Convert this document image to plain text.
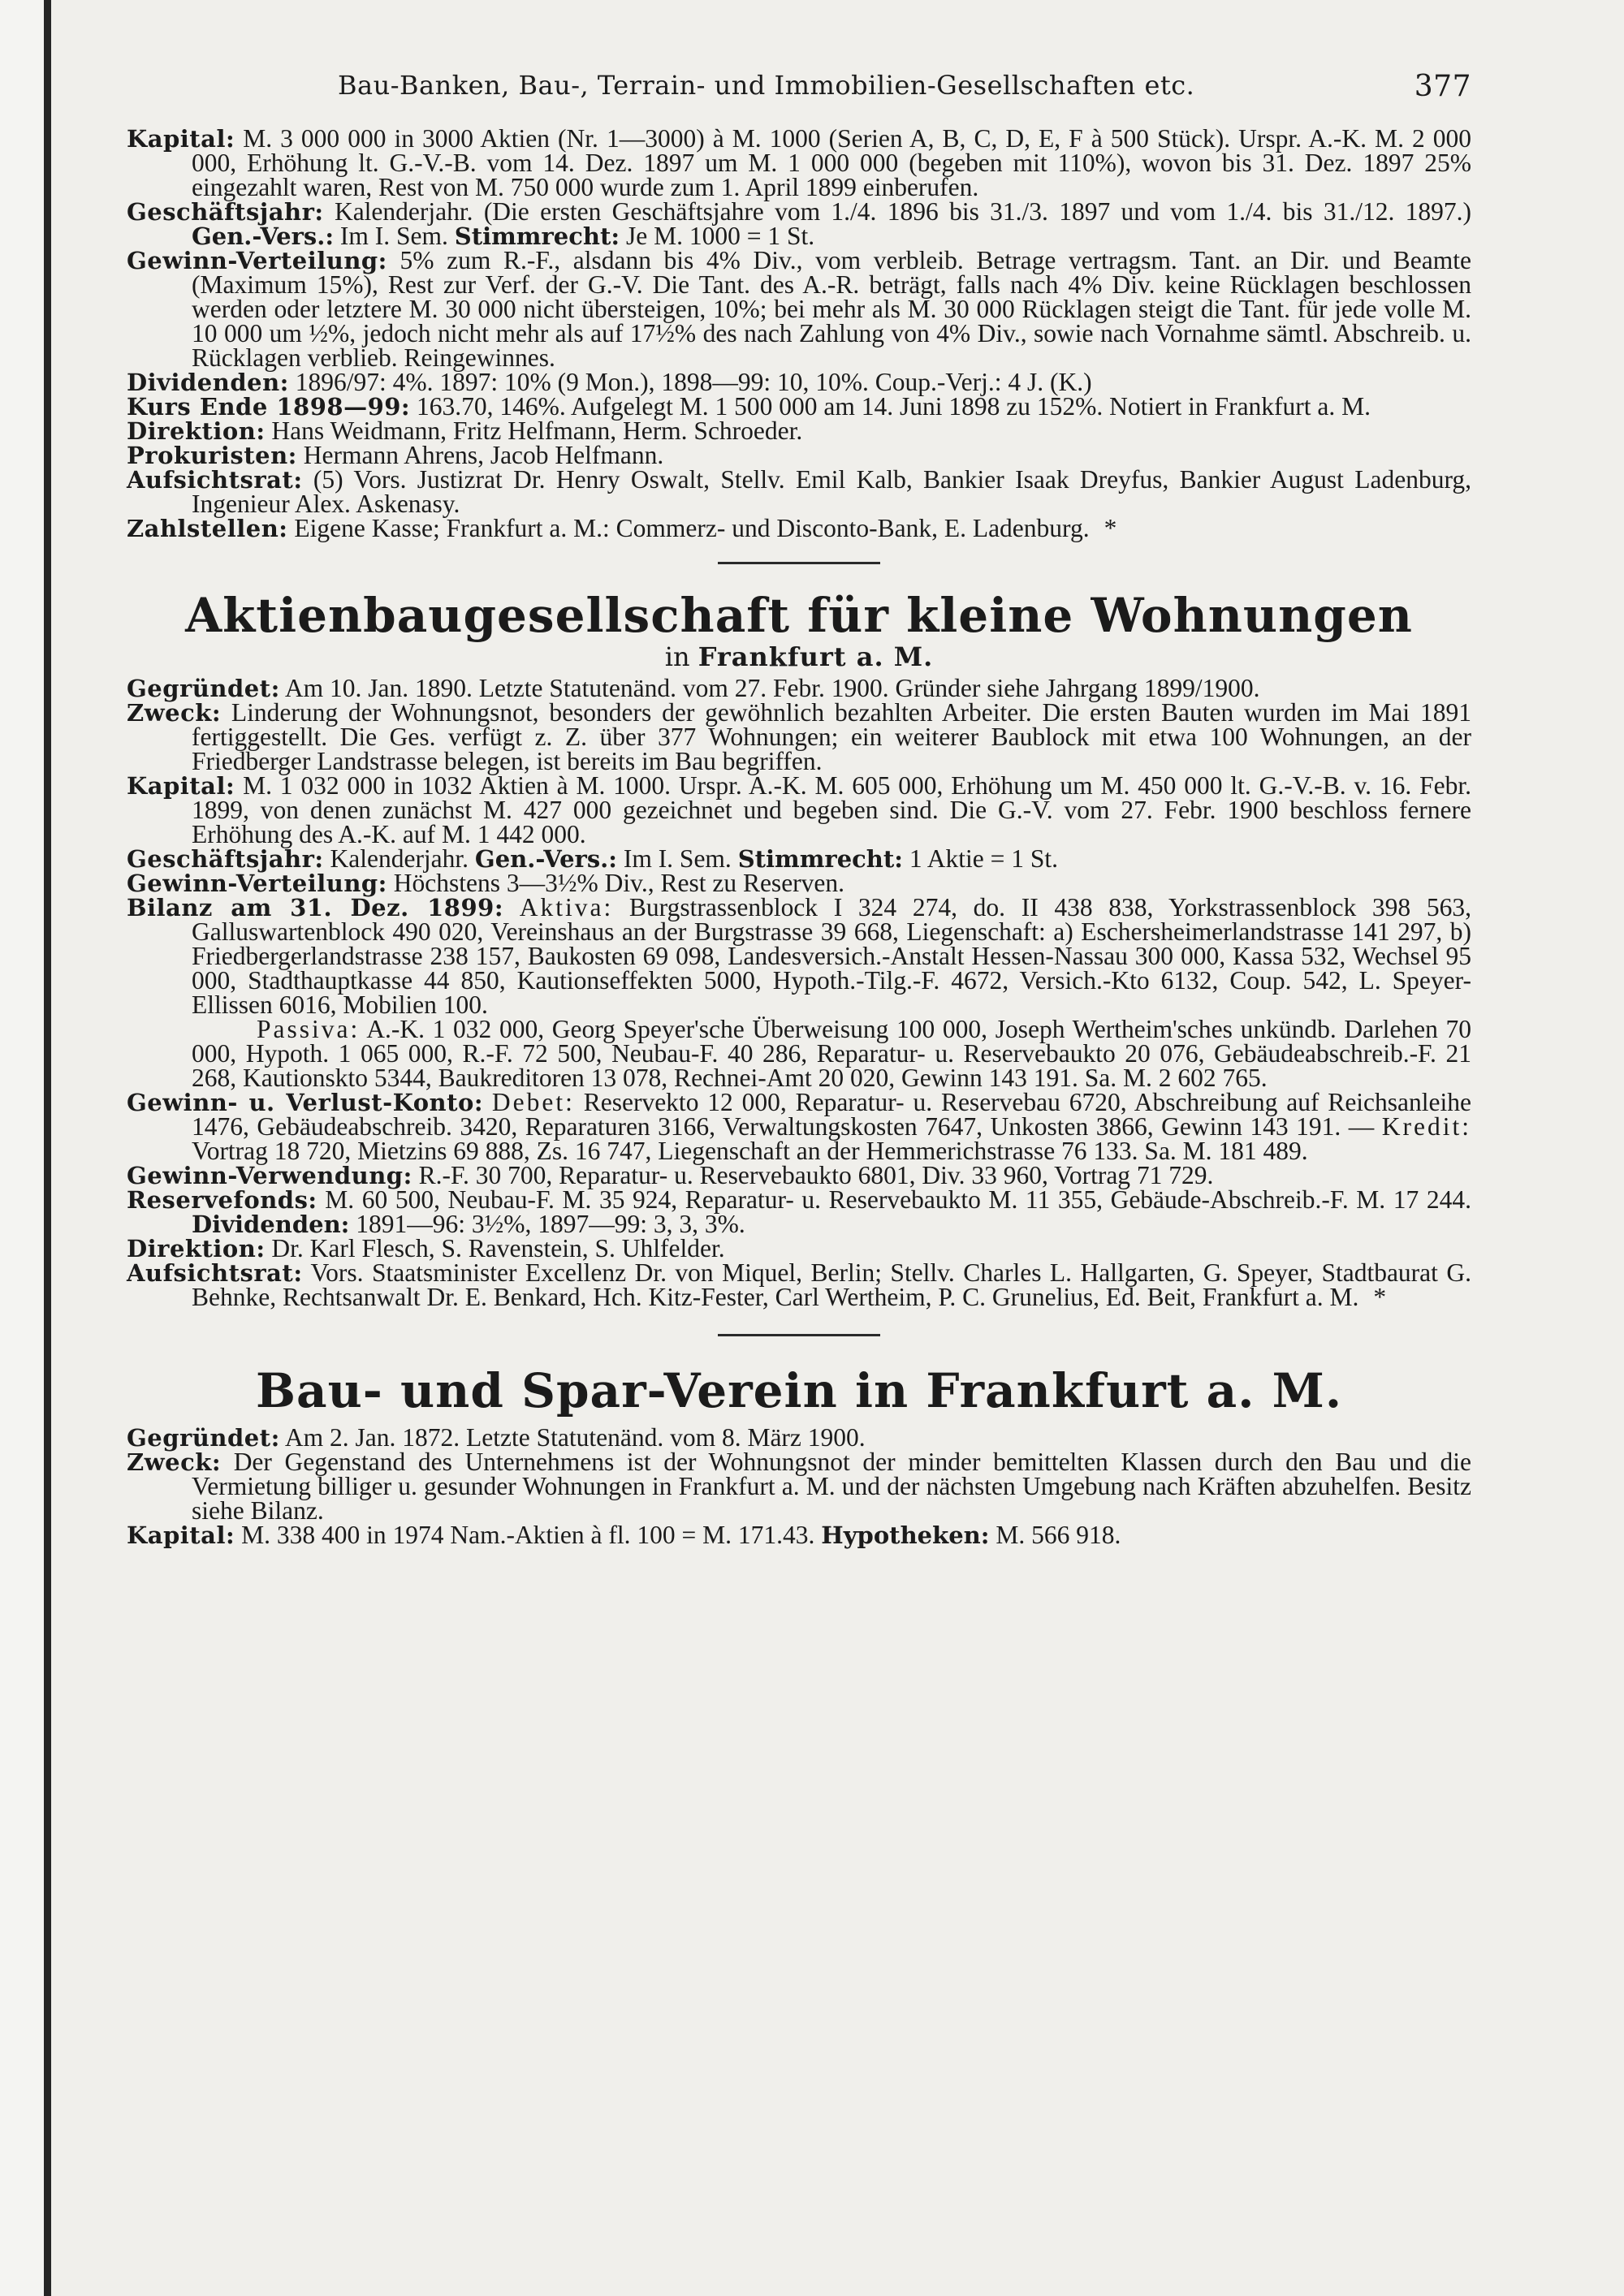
Bau-Banken, Bau-, Terrain- und Immobilien-Gesellschaften etc.	377

Kapital: M. 3 000 000 in 3000 Aktien (Nr. 1—3000) à M. 1000 (Serien A, B, C, D, E, F à 500 Stück). Urspr. A.-K. M. 2 000 000, Erhöhung lt. G.-V.-B. vom 14. Dez. 1897 um M. 1 000 000 (begeben mit 110%), wovon bis 31. Dez. 1897 25% eingezahlt waren, Rest von M. 750 000 wurde zum 1. April 1899 einberufen.

Geschäftsjahr: Kalenderjahr. (Die ersten Geschäftsjahre vom 1./4. 1896 bis 31./3. 1897 und vom 1./4. bis 31./12. 1897.) Gen.-Vers.: Im I. Sem. Stimmrecht: Je M. 1000 = 1 St.

Gewinn-Verteilung: 5% zum R.-F., alsdann bis 4% Div., vom verbleib. Betrage vertragsm. Tant. an Dir. und Beamte (Maximum 15%), Rest zur Verf. der G.-V. Die Tant. des A.-R. beträgt, falls nach 4% Div. keine Rücklagen beschlossen werden oder letztere M. 30 000 nicht übersteigen, 10%; bei mehr als M. 30 000 Rücklagen steigt die Tant. für jede volle M. 10 000 um ½%, jedoch nicht mehr als auf 17½% des nach Zahlung von 4% Div., sowie nach Vornahme sämtl. Abschreib. u. Rücklagen verblieb. Reingewinnes.

Dividenden: 1896/97: 4%. 1897: 10% (9 Mon.), 1898—99: 10, 10%. Coup.-Verj.: 4 J. (K.)

Kurs Ende 1898—99: 163.70, 146%. Aufgelegt M. 1 500 000 am 14. Juni 1898 zu 152%. Notiert in Frankfurt a. M.

Direktion: Hans Weidmann, Fritz Helfmann, Herm. Schroeder.

Prokuristen: Hermann Ahrens, Jacob Helfmann.

Aufsichtsrat: (5) Vors. Justizrat Dr. Henry Oswalt, Stellv. Emil Kalb, Bankier Isaak Dreyfus, Bankier August Ladenburg, Ingenieur Alex. Askenasy.

Zahlstellen: Eigene Kasse; Frankfurt a. M.: Commerz- und Disconto-Bank, E. Ladenburg. *

Aktienbaugesellschaft für kleine Wohnungen

in Frankfurt a. M.

Gegründet: Am 10. Jan. 1890. Letzte Statutenänd. vom 27. Febr. 1900. Gründer siehe Jahrgang 1899/1900.

Zweck: Linderung der Wohnungsnot, besonders der gewöhnlich bezahlten Arbeiter. Die ersten Bauten wurden im Mai 1891 fertiggestellt. Die Ges. verfügt z. Z. über 377 Wohnungen; ein weiterer Baublock mit etwa 100 Wohnungen, an der Friedberger Landstrasse belegen, ist bereits im Bau begriffen.

Kapital: M. 1 032 000 in 1032 Aktien à M. 1000. Urspr. A.-K. M. 605 000, Erhöhung um M. 450 000 lt. G.-V.-B. v. 16. Febr. 1899, von denen zunächst M. 427 000 gezeichnet und begeben sind. Die G.-V. vom 27. Febr. 1900 beschloss fernere Erhöhung des A.-K. auf M. 1 442 000.

Geschäftsjahr: Kalenderjahr. Gen.-Vers.: Im I. Sem. Stimmrecht: 1 Aktie = 1 St.

Gewinn-Verteilung: Höchstens 3—3½% Div., Rest zu Reserven.

Bilanz am 31. Dez. 1899: Aktiva: Burgstrassenblock I 324 274, do. II 438 838, Yorkstrassenblock 398 563, Galluswartenblock 490 020, Vereinshaus an der Burgstrasse 39 668, Liegenschaft: a) Eschersheimerlandstrasse 141 297, b) Friedbergerlandstrasse 238 157, Baukosten 69 098, Landesversich.-Anstalt Hessen-Nassau 300 000, Kassa 532, Wechsel 95 000, Stadthauptkasse 44 850, Kautionseffekten 5000, Hypoth.-Tilg.-F. 4672, Versich.-Kto 6132, Coup. 542, L. Speyer-Ellissen 6016, Mobilien 100.

Passiva: A.-K. 1 032 000, Georg Speyer'sche Überweisung 100 000, Joseph Wertheim'sches unkündb. Darlehen 70 000, Hypoth. 1 065 000, R.-F. 72 500, Neubau-F. 40 286, Reparatur- u. Reservebaukto 20 076, Gebäudeabschreib.-F. 21 268, Kautionskto 5344, Baukreditoren 13 078, Rechnei-Amt 20 020, Gewinn 143 191. Sa. M. 2 602 765.

Gewinn- u. Verlust-Konto: Debet: Reservekto 12 000, Reparatur- u. Reservebau 6720, Abschreibung auf Reichsanleihe 1476, Gebäudeabschreib. 3420, Reparaturen 3166, Verwaltungskosten 7647, Unkosten 3866, Gewinn 143 191. — Kredit: Vortrag 18 720, Mietzins 69 888, Zs. 16 747, Liegenschaft an der Hemmerichstrasse 76 133. Sa. M. 181 489.

Gewinn-Verwendung: R.-F. 30 700, Reparatur- u. Reservebaukto 6801, Div. 33 960, Vortrag 71 729.

Reservefonds: M. 60 500, Neubau-F. M. 35 924, Reparatur- u. Reservebaukto M. 11 355, Gebäude-Abschreib.-F. M. 17 244. Dividenden: 1891—96: 3½%, 1897—99: 3, 3, 3%.

Direktion: Dr. Karl Flesch, S. Ravenstein, S. Uhlfelder.

Aufsichtsrat: Vors. Staatsminister Excellenz Dr. von Miquel, Berlin; Stellv. Charles L. Hallgarten, G. Speyer, Stadtbaurat G. Behnke, Rechtsanwalt Dr. E. Benkard, Hch. Kitz-Fester, Carl Wertheim, P. C. Grunelius, Ed. Beit, Frankfurt a. M. *

Bau- und Spar-Verein in Frankfurt a. M.

Gegründet: Am 2. Jan. 1872. Letzte Statutenänd. vom 8. März 1900.

Zweck: Der Gegenstand des Unternehmens ist der Wohnungsnot der minder bemittelten Klassen durch den Bau und die Vermietung billiger u. gesunder Wohnungen in Frankfurt a. M. und der nächsten Umgebung nach Kräften abzuhelfen. Besitz siehe Bilanz.

Kapital: M. 338 400 in 1974 Nam.-Aktien à fl. 100 = M. 171.43. Hypotheken: M. 566 918.
